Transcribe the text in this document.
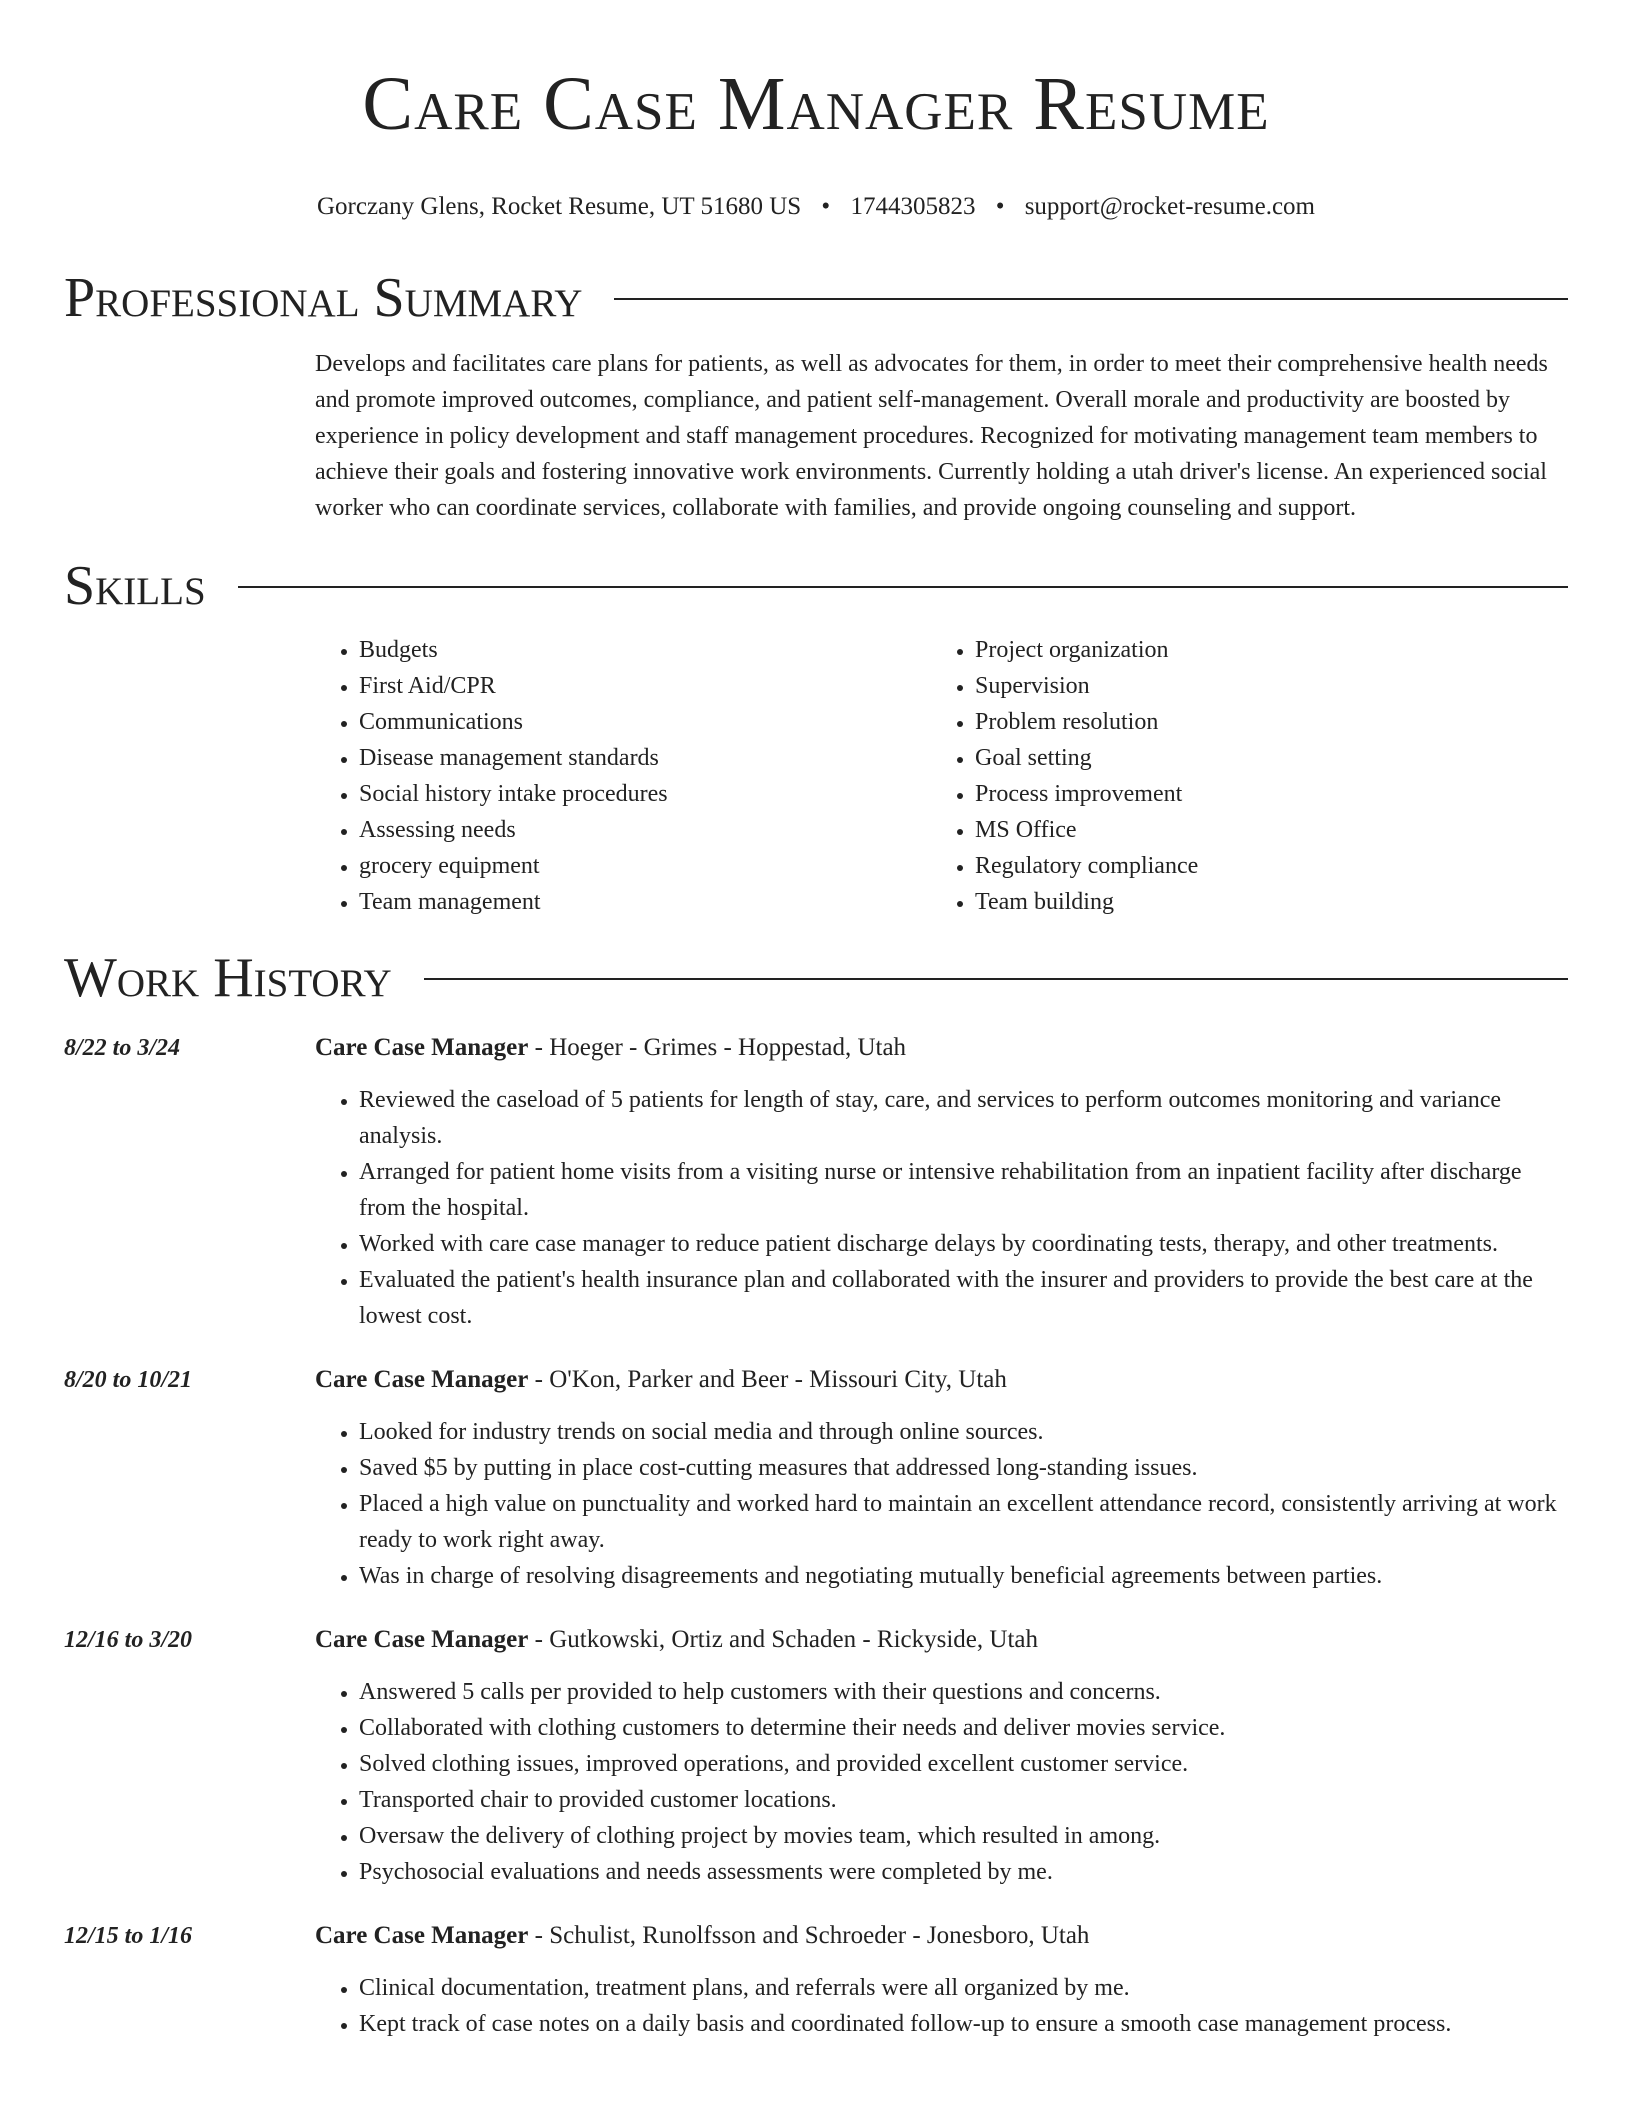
Care Case Manager Resume
Gorczany Glens, Rocket Resume, UT 51680 US • 1744305823 • support@rocket-resume.com
Professional Summary
Develops and facilitates care plans for patients, as well as advocates for them, in order to meet their comprehensive health needs and promote improved outcomes, compliance, and patient self-management. Overall morale and productivity are boosted by experience in policy development and staff management procedures. Recognized for motivating management team members to achieve their goals and fostering innovative work environments. Currently holding a utah driver's license. An experienced social worker who can coordinate services, collaborate with families, and provide ongoing counseling and support.
Skills
• Budgets
• First Aid/CPR
• Communications
• Disease management standards
• Social history intake procedures
• Assessing needs
• grocery equipment
• Team management
• Project organization
• Supervision
• Problem resolution
• Goal setting
• Process improvement
• MS Office
• Regulatory compliance
• Team building
Work History
8/22 to 3/24	Care Case Manager - Hoeger - Grimes - Hoppestad, Utah
• Reviewed the caseload of 5 patients for length of stay, care, and services to perform outcomes monitoring and variance analysis.
• Arranged for patient home visits from a visiting nurse or intensive rehabilitation from an inpatient facility after discharge from the hospital.
• Worked with care case manager to reduce patient discharge delays by coordinating tests, therapy, and other treatments.
• Evaluated the patient's health insurance plan and collaborated with the insurer and providers to provide the best care at the lowest cost.
8/20 to 10/21	Care Case Manager - O'Kon, Parker and Beer - Missouri City, Utah
• Looked for industry trends on social media and through online sources.
• Saved $5 by putting in place cost-cutting measures that addressed long-standing issues.
• Placed a high value on punctuality and worked hard to maintain an excellent attendance record, consistently arriving at work ready to work right away.
• Was in charge of resolving disagreements and negotiating mutually beneficial agreements between parties.
12/16 to 3/20	Care Case Manager - Gutkowski, Ortiz and Schaden - Rickyside, Utah
• Answered 5 calls per provided to help customers with their questions and concerns.
• Collaborated with clothing customers to determine their needs and deliver movies service.
• Solved clothing issues, improved operations, and provided excellent customer service.
• Transported chair to provided customer locations.
• Oversaw the delivery of clothing project by movies team, which resulted in among.
• Psychosocial evaluations and needs assessments were completed by me.
12/15 to 1/16	Care Case Manager - Schulist, Runolfsson and Schroeder - Jonesboro, Utah
• Clinical documentation, treatment plans, and referrals were all organized by me.
• Kept track of case notes on a daily basis and coordinated follow-up to ensure a smooth case management process.
